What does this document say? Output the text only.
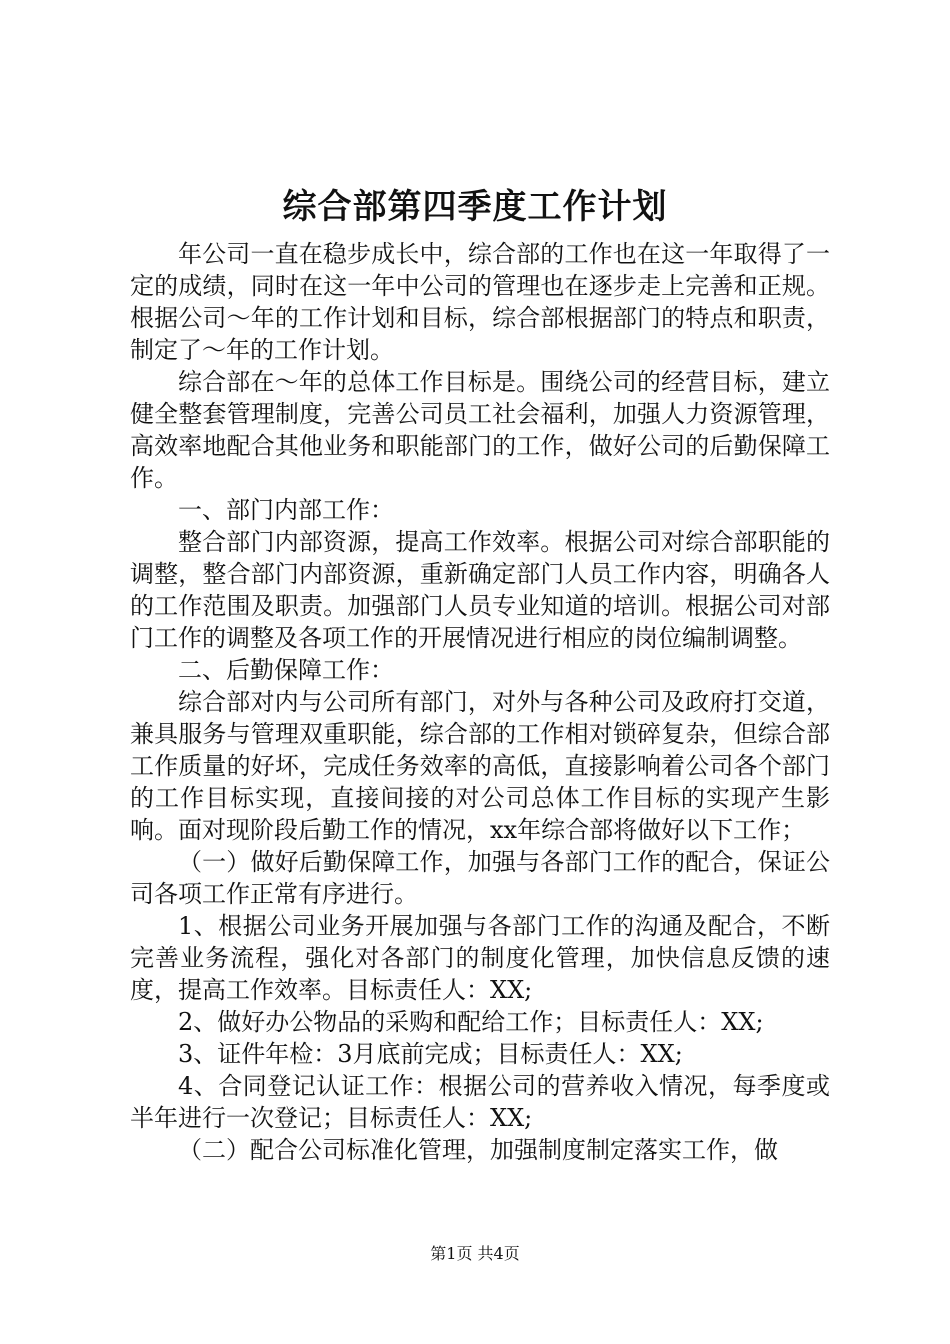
综合部第四季度工作计划

年公司一直在稳步成长中，综合部的工作也在这一年取得了一定的成绩，同时在这一年中公司的管理也在逐步走上完善和正规。根据公司～年的工作计划和目标，综合部根据部门的特点和职责，制定了～年的工作计划。

综合部在～年的总体工作目标是。围绕公司的经营目标，建立健全整套管理制度，完善公司员工社会福利，加强人力资源管理，高效率地配合其他业务和职能部门的工作，做好公司的后勤保障工作。

一、部门内部工作：

整合部门内部资源，提高工作效率。根据公司对综合部职能的调整，整合部门内部资源，重新确定部门人员工作内容，明确各人的工作范围及职责。加强部门人员专业知道的培训。根据公司对部门工作的调整及各项工作的开展情况进行相应的岗位编制调整。

二、后勤保障工作：

综合部对内与公司所有部门，对外与各种公司及政府打交道，兼具服务与管理双重职能，综合部的工作相对锁碎复杂，但综合部工作质量的好坏，完成任务效率的高低，直接影响着公司各个部门的工作目标实现，直接间接的对公司总体工作目标的实现产生影响。面对现阶段后勤工作的情况，xx年综合部将做好以下工作；

（一）做好后勤保障工作，加强与各部门工作的配合，保证公司各项工作正常有序进行。

1、根据公司业务开展加强与各部门工作的沟通及配合，不断完善业务流程，强化对各部门的制度化管理，加快信息反馈的速度，提高工作效率。目标责任人：XX;

2、做好办公物品的采购和配给工作；目标责任人：XX;

3、证件年检：3月底前完成；目标责任人：XX;

4、合同登记认证工作：根据公司的营养收入情况，每季度或半年进行一次登记；目标责任人：XX;

（二）配合公司标准化管理，加强制度制定落实工作，做

第1页 共4页
